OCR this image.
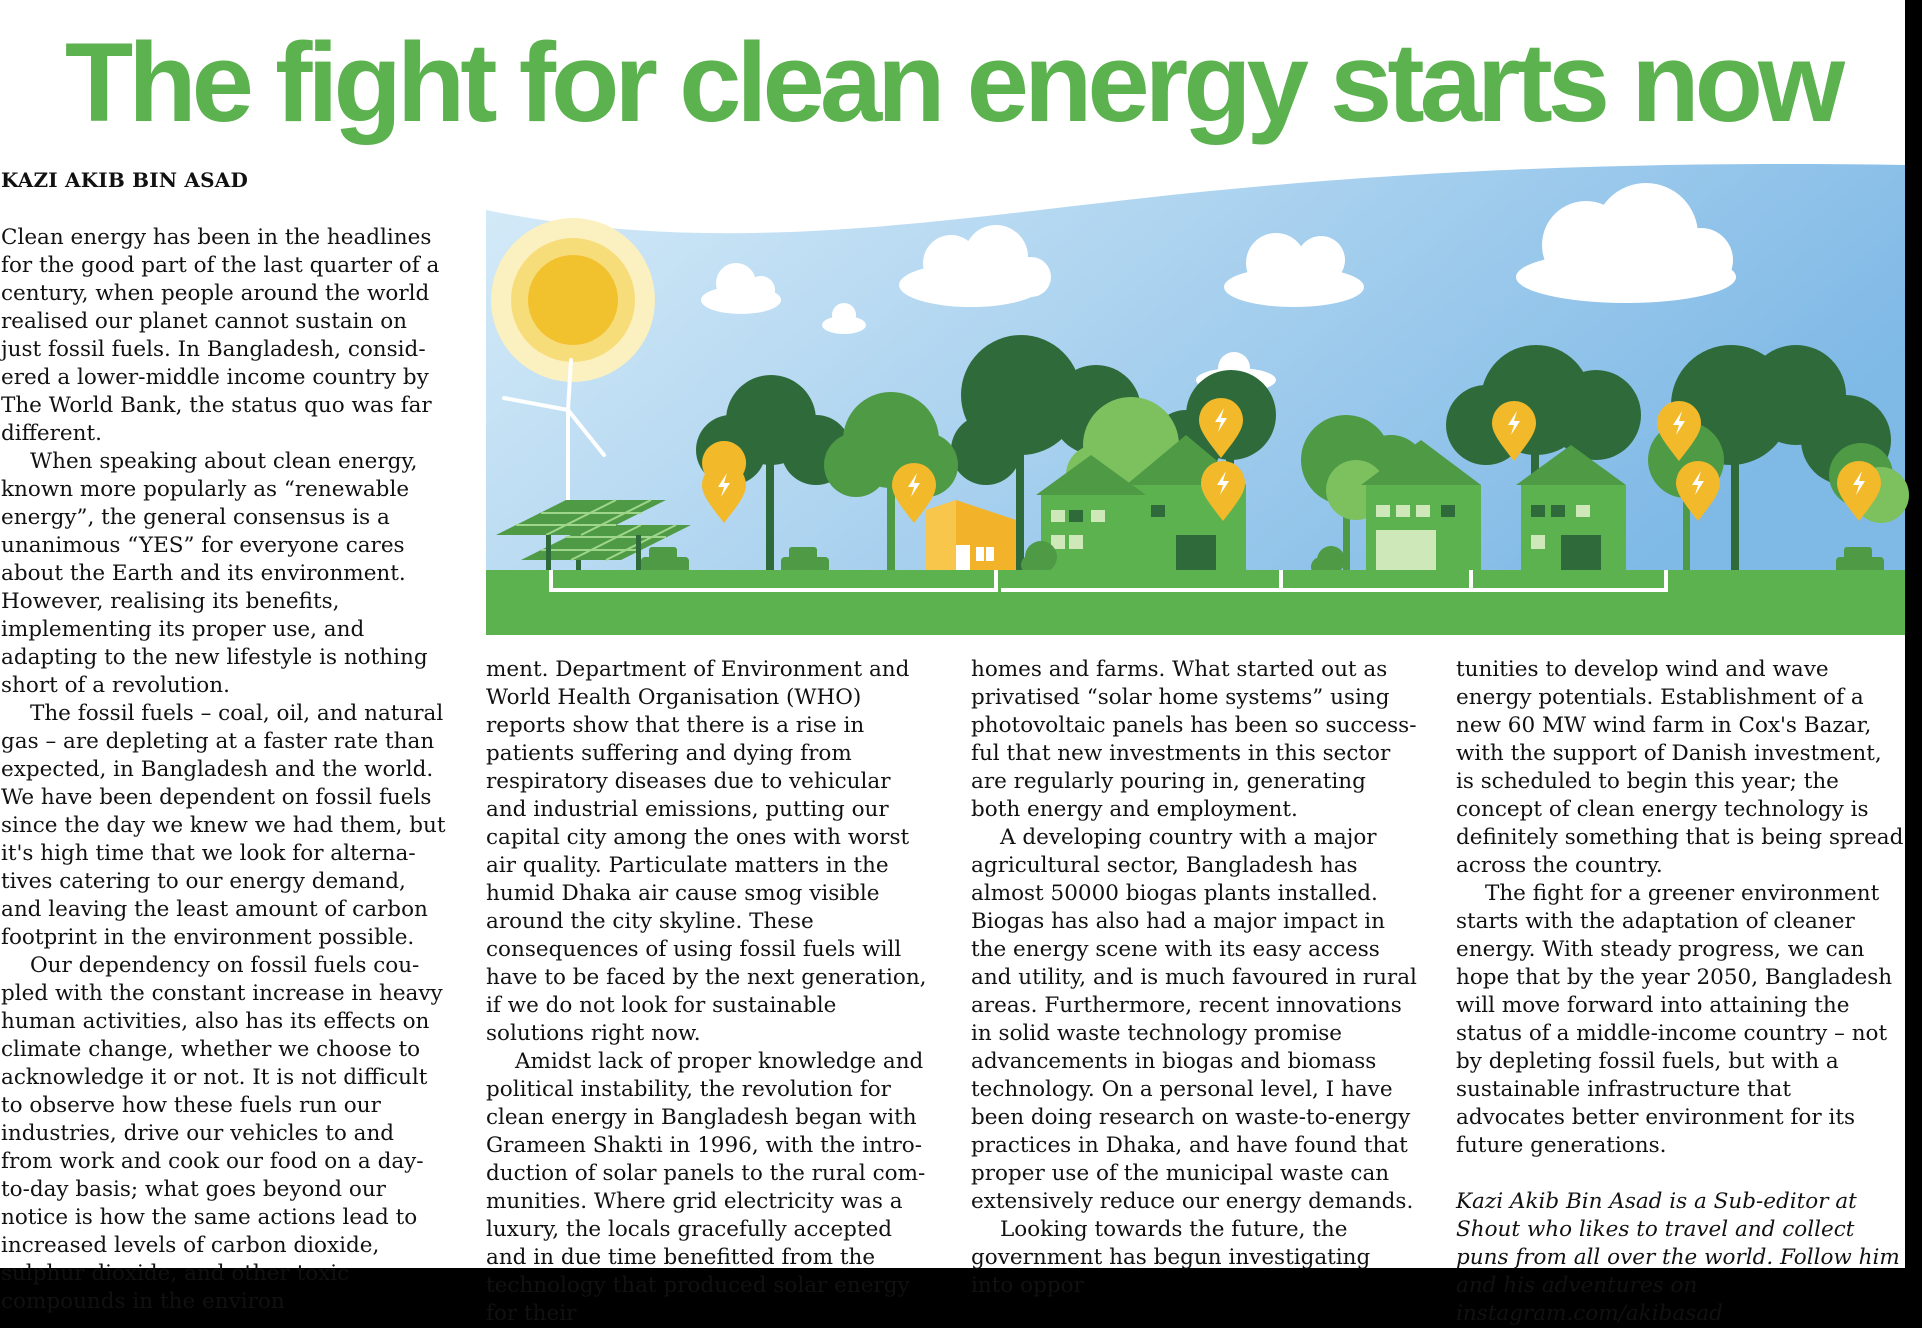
The fight for clean energy starts now
KAZI AKIB BIN ASAD

Clean energy has been in the headlines for the good part of the last quarter of a century, when people around the world realised our planet cannot sustain on just fossil fuels. In Bangladesh, considered a lower-middle income country by The World Bank, the status quo was far different.

When speaking about clean energy, known more popularly as “renewable energy”, the general consensus is a unanimous “YES” for everyone cares about the Earth and its environment. However, realising its benefits, implementing its proper use, and adapting to the new lifestyle is nothing short of a revolution.

The fossil fuels – coal, oil, and natural gas – are depleting at a faster rate than expected, in Bangladesh and the world. We have been dependent on fossil fuels since the day we knew we had them, but it's high time that we look for alternatives catering to our energy demand, and leaving the least amount of carbon footprint in the environment possible.

Our dependency on fossil fuels coupled with the constant increase in heavy human activities, also has its effects on climate change, whether we choose to acknowledge it or not. It is not difficult to observe how these fuels run our industries, drive our vehicles to and from work and cook our food on a day-to-day basis; what goes beyond our notice is how the same actions lead to increased levels of carbon dioxide, sulphur dioxide, and other toxic compounds in the environ

ment. Department of Environment and World Health Organisation (WHO) reports show that there is a rise in patients suffering and dying from respiratory diseases due to vehicular and industrial emissions, putting our capital city among the ones with worst air quality. Particulate matters in the humid Dhaka air cause smog visible around the city skyline. These consequences of using fossil fuels will have to be faced by the next generation, if we do not look for sustainable solutions right now.

Amidst lack of proper knowledge and political instability, the revolution for clean energy in Bangladesh began with Grameen Shakti in 1996, with the introduction of solar panels to the rural communities. Where grid electricity was a luxury, the locals gracefully accepted and in due time benefitted from the technology that produced solar energy for their

homes and farms. What started out as privatised “solar home systems” using photovoltaic panels has been so successful that new investments in this sector are regularly pouring in, generating both energy and employment.

A developing country with a major agricultural sector, Bangladesh has almost 50000 biogas plants installed. Biogas has also had a major impact in the energy scene with its easy access and utility, and is much favoured in rural areas. Furthermore, recent innovations in solid waste technology promise advancements in biogas and biomass technology. On a personal level, I have been doing research on waste-to-energy practices in Dhaka, and have found that proper use of the municipal waste can extensively reduce our energy demands.

Looking towards the future, the government has begun investigating into oppor

tunities to develop wind and wave energy potentials. Establishment of a new 60 MW wind farm in Cox's Bazar, with the support of Danish investment, is scheduled to begin this year; the concept of clean energy technology is definitely something that is being spread across the country.

The fight for a greener environment starts with the adaptation of cleaner energy. With steady progress, we can hope that by the year 2050, Bangladesh will move forward into attaining the status of a middle-income country – not by depleting fossil fuels, but with a sustainable infrastructure that advocates better environment for its future generations.

Kazi Akib Bin Asad is a Sub-editor at Shout who likes to travel and collect puns from all over the world. Follow him and his adventures on instagram.com/akibasad
